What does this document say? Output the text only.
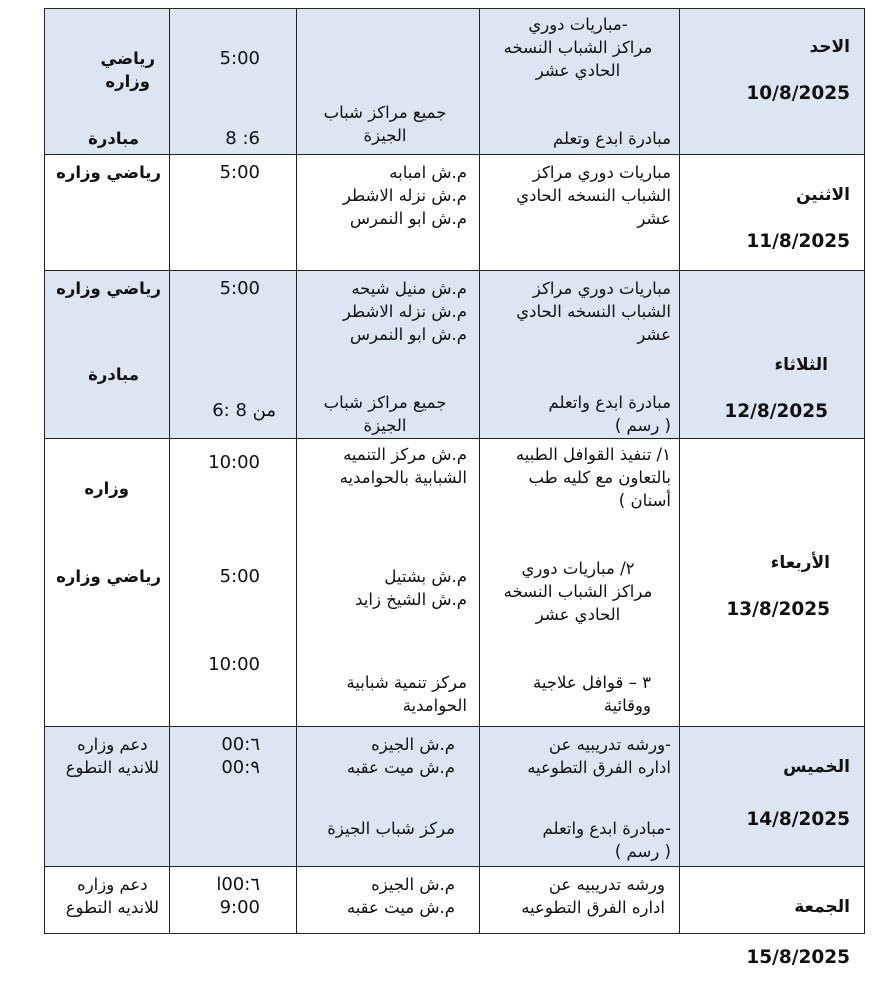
الاحد

10/8/2025

-مباريات دوري
مراكز الشباب النسخه
الحادي عشر
مبادرة ابدع وتعلم
جميع مراكز شباب
الجيزة
5:00
6: 8
رياضي
وزاره
مبادرة

الاثنين

11/8/2025

مباريات دوري مراكز
الشباب النسخه الحادي
عشر
م.ش امبابه
م.ش نزله الاشطر
م.ش ابو النمرس
5:00
رياضي وزاره

الثلاثاء

12/8/2025

مباريات دوري مراكز
الشباب النسخه الحادي
عشر
مبادرة ابدع واتعلم
( رسم )
م.ش منيل شيحه
م.ش نزله الاشطر
م.ش ابو النمرس
جميع مراكز شباب
الجيزة
5:00
من 8 :6
رياضي وزاره
مبادرة

الأربعاء

13/8/2025

١/ تنفيذ القوافل الطبيه
بالتعاون مع كليه طب
أسنان )
٢/ مباريات دوري
مراكز الشباب النسخه
الحادي عشر
٣ – قوافل علاجية
ووقائية
م.ش مركز التنميه
الشبابية بالحوامديه
م.ش بشتيل
م.ش الشيخ زايد
مركز تنمية شبابية
الحوامدية
10:00
5:00
10:00
وزاره
رياضي وزاره

الخميس

14/8/2025

-ورشه تدريبيه عن
اداره الفرق التطوعيه
-مبادرة ابدع واتعلم
( رسم )
م.ش الجيزه
م.ش ميت عقبه
مركز شباب الجيزة
٦:00
٩:00
دعم وزاره
للانديه التطوع

الجمعة

15/8/2025

ورشه تدريبيه عن
اداره الفرق التطوعيه
م.ش الجيزه
م.ش ميت عقبه
٦:00ا
9:00
دعم وزاره
للانديه التطوع
